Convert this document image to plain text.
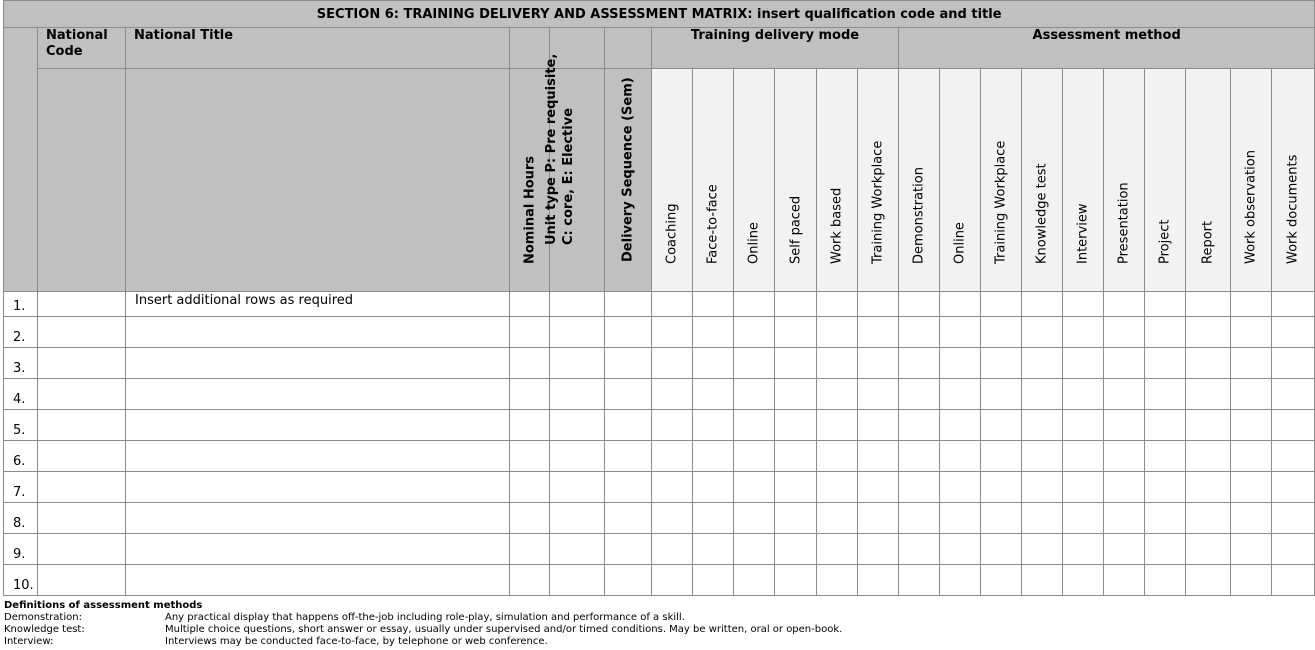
SECTION 6: TRAINING DELIVERY AND ASSESSMENT MATRIX: insert qualification code and title																					

	National Code	National Title				Training delivery mode						Assessment method									

			Nominal Hours	Unit type P: Pre requisite, C: core, E: Elective	Delivery Sequence (Sem)	Coaching	Face-to-face	Online	Self paced	Work based	Training Workplace	Demonstration	Online	Training Workplace	Knowledge test	Interview	Presentation	Project	Report	Work observation	Work documents

1.		Insert additional rows as required																			
2.																					
3.																					
4.																					
5.																					
6.																					
7.																					
8.																					
9.																					
10.																					
Definitions of assessment methods
Demonstration:	Any practical display that happens off-the-job including role-play, simulation and performance of a skill.
Knowledge test:	Multiple choice questions, short answer or essay, usually under supervised and/or timed conditions. May be written, oral or open-book.
Interview:	Interviews may be conducted face-to-face, by telephone or web conference.
